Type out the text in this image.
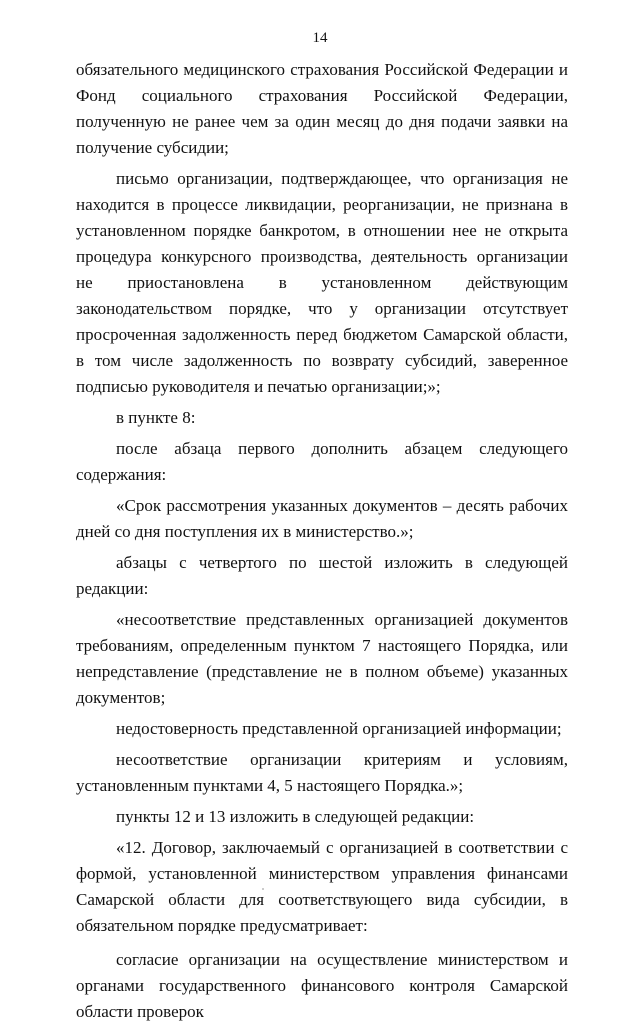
14

обязательного медицинского страхования Российской Федерации и Фонд социального страхования Российской Федерации, полученную не ранее чем за один месяц до дня подачи заявки на получение субсидии;

письмо организации, подтверждающее, что организация не находится в процессе ликвидации, реорганизации, не признана в установленном порядке банкротом, в отношении нее не открыта процедура конкурсного производства, деятельность организации не приостановлена в установленном действующим законодательством порядке, что у организации отсутствует просроченная задолженность перед бюджетом Самарской области, в том числе задолженность по возврату субсидий, заверенное подписью руководителя и печатью организации;»;

в пункте 8:

после абзаца первого дополнить абзацем следующего содержания:

«Срок рассмотрения указанных документов – десять рабочих дней со дня поступления их в министерство.»;

абзацы с четвертого по шестой изложить в следующей редакции:

«несоответствие представленных организацией документов требованиям, определенным пунктом 7 настоящего Порядка, или непредставление (представление не в полном объеме) указанных документов;

недостоверность представленной организацией информации;

несоответствие организации критериям и условиям, установленным пунктами 4, 5 настоящего Порядка.»;

пункты 12 и 13 изложить в следующей редакции:

«12. Договор, заключаемый с организацией в соответствии с формой, установленной министерством управления финансами Самарской области для соответствующего вида субсидии, в обязательном порядке предусматривает:

согласие организации на осуществление министерством и органами государственного финансового контроля Самарской области проверок
